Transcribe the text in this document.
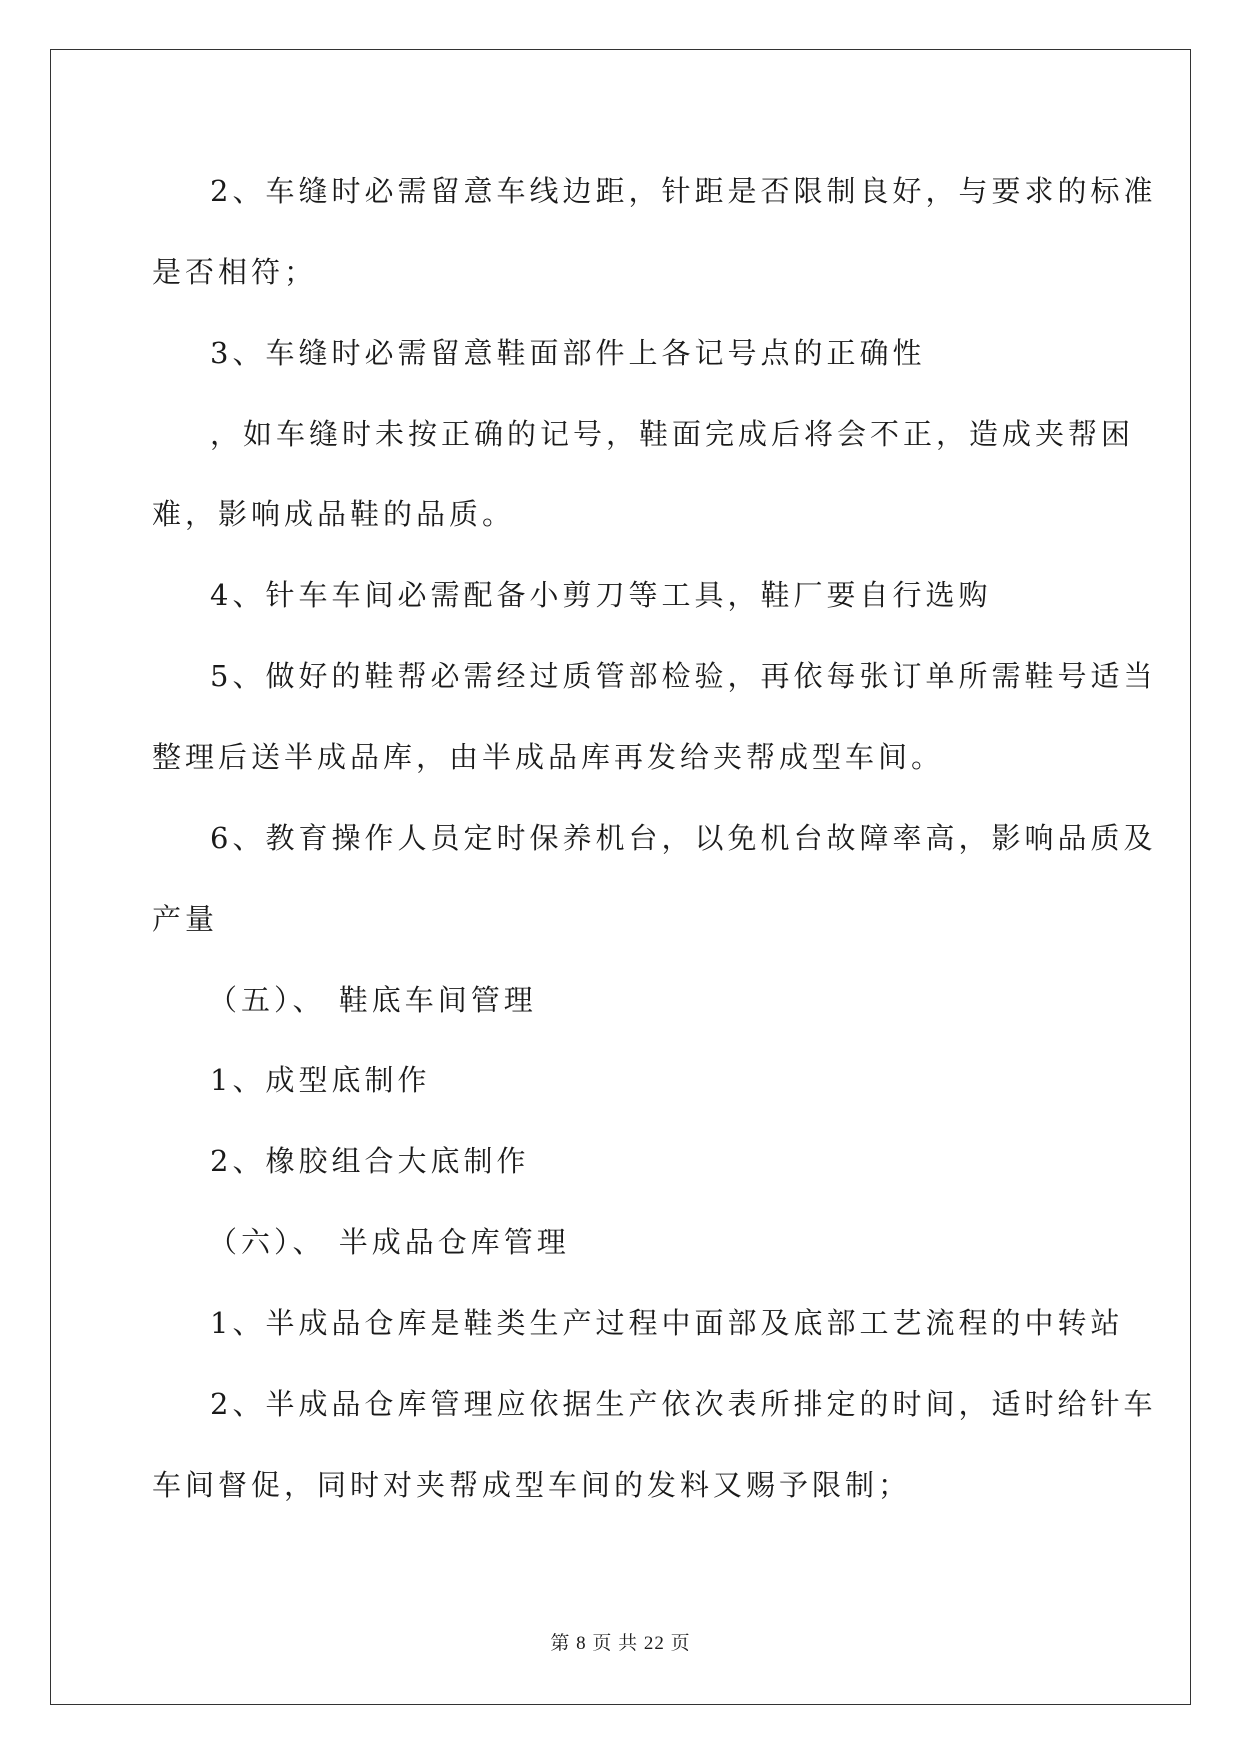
2、车缝时必需留意车线边距，针距是否限制良好，与要求的标准
是否相符；
3、车缝时必需留意鞋面部件上各记号点的正确性
，如车缝时未按正确的记号，鞋面完成后将会不正，造成夹帮困
难，影响成品鞋的品质。
4、针车车间必需配备小剪刀等工具，鞋厂要自行选购
5、做好的鞋帮必需经过质管部检验，再依每张订单所需鞋号适当
整理后送半成品库，由半成品库再发给夹帮成型车间。
6、教育操作人员定时保养机台，以免机台故障率高，影响品质及
产量
（五）、 鞋底车间管理
1、成型底制作
2、橡胶组合大底制作
（六）、 半成品仓库管理
1、半成品仓库是鞋类生产过程中面部及底部工艺流程的中转站
2、半成品仓库管理应依据生产依次表所排定的时间，适时给针车
车间督促，同时对夹帮成型车间的发料又赐予限制；
第 8 页 共 22 页
